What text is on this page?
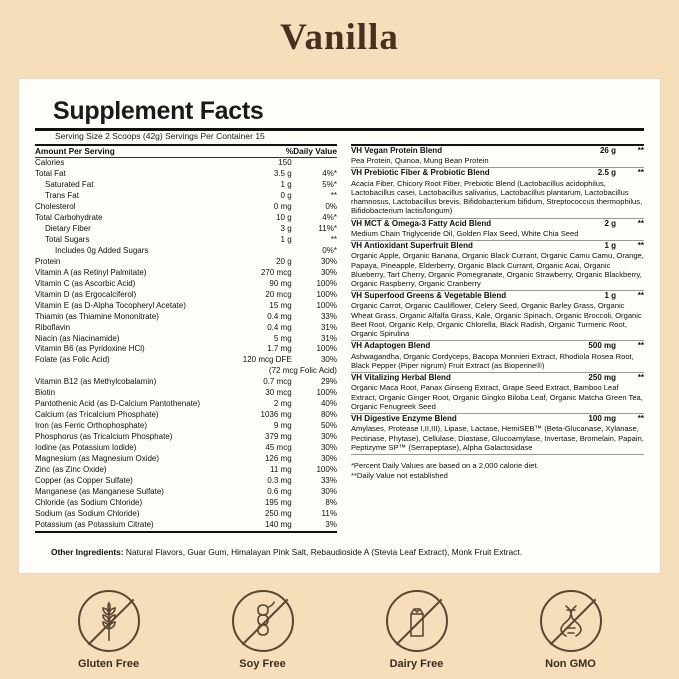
Vanilla
Supplement Facts
Serving Size 2 Scoops (42g) Servings Per Container 15
Amount Per Serving		%Daily Value
Calories	150	
Total Fat	3.5 g	4%*
Saturated Fat	1 g	5%*
Trans Fat	0 g	**
Cholesterol	0 mg	0%
Total Carbohydrate	10 g	4%*
Dietary Fiber	3 g	11%*
Total Sugars	1 g	**
Includes 0g Added Sugars		0%*
Protein	20 g	30%
Vitamin A (as Retinyl Palmitate)	270 mcg	30%
Vitamin C (as Ascorbic Acid)	90 mg	100%
Vitamin D (as Ergocalciferol)	20 mcg	100%
Vitamin E (as D-Alpha Tocopheryl Acetate)	15 mg	100%
Thiamin (as Thiamine Mononitrate)	0.4 mg	33%
Riboflavin	0.4 mg	31%
Niacin (as Niacinamide)	5 mg	31%
Vitamin B6 (as Pyridoxine HCl)	1.7 mg	100%
Folate (as Folic Acid)	120 mcg DFE	30%
	(72 mcg Folic Acid)	
Vitamin B12 (as Methylcobalamin)	0.7 mcg	29%
Biotin	30 mcg	100%
Pantothenic Acid (as D-Calcium Pantothenate)	2 mg	40%
Calcium (as Tricalcium Phosphate)	1036 mg	80%
Iron (as Ferric Orthophosphate)	9 mg	50%
Phosphorus (as Tricalcium Phosphate)	379 mg	30%
Iodine (as Potassium Iodide)	45 mcg	30%
Magnesium (as Magnesium Oxide)	126 mg	30%
Zinc (as Zinc Oxide)	11 mg	100%
Copper (as Copper Sulfate)	0.3 mg	33%
Manganese (as Manganese Sulfate)	0.6 mg	30%
Chloride (as Sodium Chloride)	195 mg	8%
Sodium (as Sodium Chloride)	250 mg	11%
Potassium (as Potassium Citrate)	140 mg	3%
VH Vegan Protein Blend	26 g	**
Pea Protein, Quinoa, Mung Bean Protein
VH Prebiotic Fiber & Probiotic Blend	2.5 g	**
Acacia Fiber, Chicory Root Fiber, Prebiotic Blend (Lactobacillus acidophilus, Lactobacillus casei, Lactobacillus salivarius, Lactobacillus plantarum, Lactobacillus rhamnosus, Lactobacillus brevis, Bifidobacterium bifidum, Streptococcus thermophilus, Bifidobacterium lactis/longum)
VH MCT & Omega-3 Fatty Acid Blend	2 g	**
Medium Chain Triglyceride Oil, Golden Flax Seed, White Chia Seed
VH Antioxidant Superfruit Blend	1 g	**
Organic Apple, Organic Banana, Organic Black Currant, Organic Camu Camu, Orange, Papaya, Pineapple, Elderberry, Organic Black Currant, Organic Acai, Organic Blueberry, Tart Cherry, Organic Pomegranate, Organic Strawberry, Organic Blackberry, Organic Raspberry, Organic Cranberry
VH Superfood Greens & Vegetable Blend	1 g	**
Organic Carrot, Organic Cauliflower, Celery Seed, Organic Barley Grass, Organic Wheat Grass, Organic Alfalfa Grass, Kale, Organic Spinach, Organic Broccoli, Organic Beet Root, Organic Kelp, Organic Chlorella, Black Radish, Organic Turmeric Root, Organic Spirulina
VH Adaptogen Blend	500 mg	**
Ashwagandha, Organic Cordyceps, Bacopa Monnieri Extract, Rhodiola Rosea Root, Black Pepper (Piper nigrum) Fruit Extract (as Bioperine®)
VH Vitalizing Herbal Blend	250 mg	**
Organic Maca Root, Panax Ginseng Extract, Grape Seed Extract, Bamboo Leaf Extract, Organic Ginger Root, Organic Gingko Biloba Leaf, Organic Matcha Green Tea, Organic Fenugreek Seed
VH Digestive Enzyme Blend	100 mg	**
Amylases, Protease I,II,III), Lipase, Lactase, HemiSEB™ (Beta-Glucanase, Xylanase, Pectinase, Phytase), Cellulase, Diastase, Glucoamylase, Invertase, Bromelain, Papain, Peptizyme SP™ (Serrapeptase), Alpha Galactosidase
*Percent Daily Values are based on a 2,000 calorie diet.
**Daily Value not established
Other Ingredients: Natural Flavors, Guar Gum, Himalayan Pink Salt, Rebaudioside A (Stevia Leaf Extract), Monk Fruit Extract.
Gluten Free	Soy Free	Dairy Free	Non GMO
